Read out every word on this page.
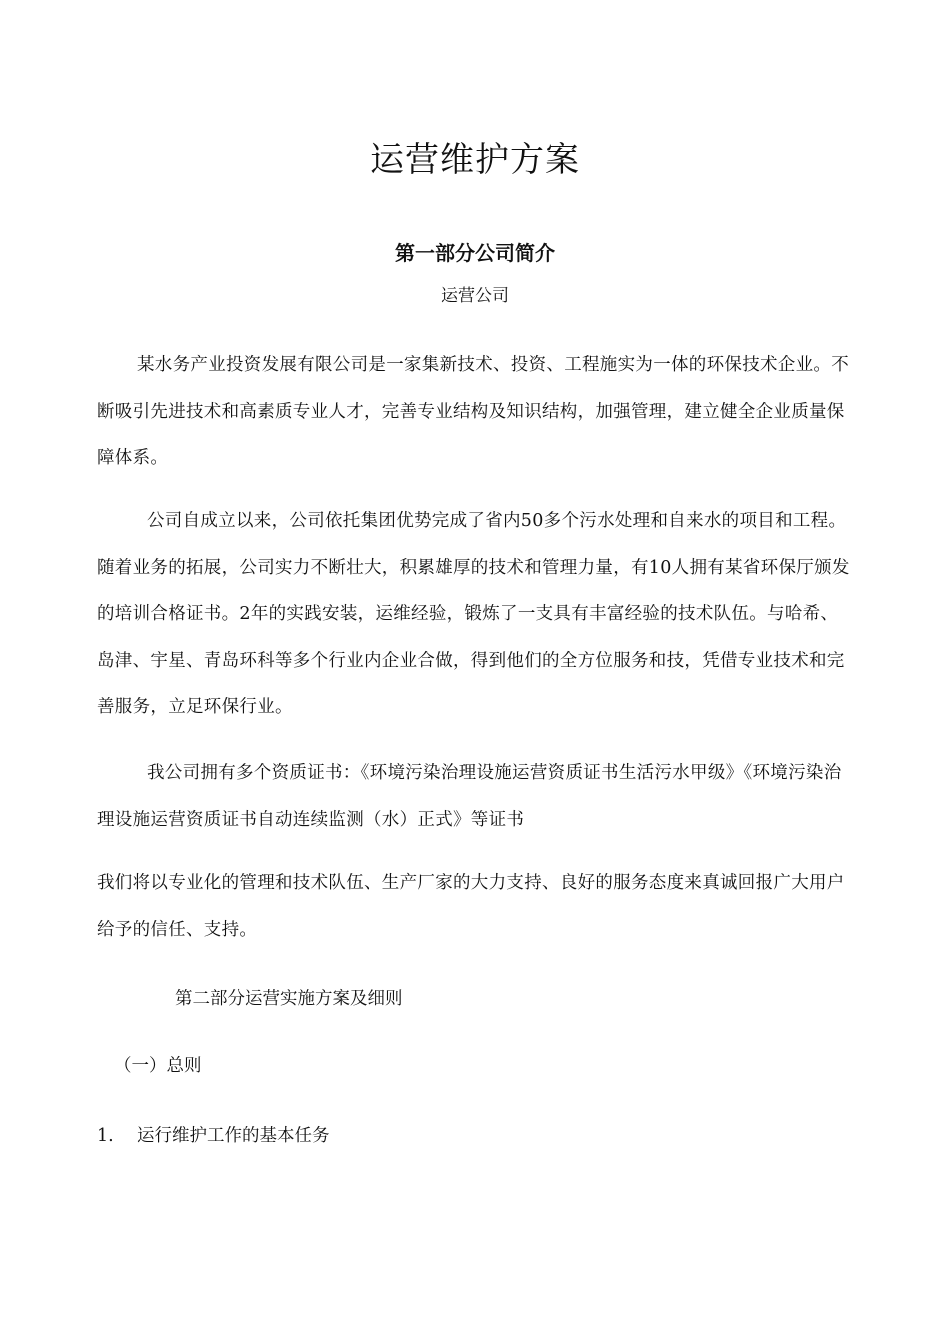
运营维护方案
第一部分公司简介
运营公司
某水务产业投资发展有限公司是一家集新技术、投资、工程施实为一体的环保技术企业。不断吸引先进技术和高素质专业人才，完善专业结构及知识结构，加强管理，建立健全企业质量保障体系。
公司自成立以来，公司依托集团优势完成了省内50多个污水处理和自来水的项目和工程。随着业务的拓展，公司实力不断壮大，积累雄厚的技术和管理力量，有10人拥有某省环保厅颁发的培训合格证书。2年的实践安装，运维经验，锻炼了一支具有丰富经验的技术队伍。与哈希、岛津、宇星、青岛环科等多个行业内企业合做，得到他们的全方位服务和技，凭借专业技术和完善服务，立足环保行业。
我公司拥有多个资质证书：《环境污染治理设施运营资质证书生活污水甲级》《环境污染治理设施运营资质证书自动连续监测（水）正式》等证书
我们将以专业化的管理和技术队伍、生产厂家的大力支持、良好的服务态度来真诚回报广大用户给予的信任、支持。
第二部分运营实施方案及细则
（一）总则
1. 运行维护工作的基本任务
